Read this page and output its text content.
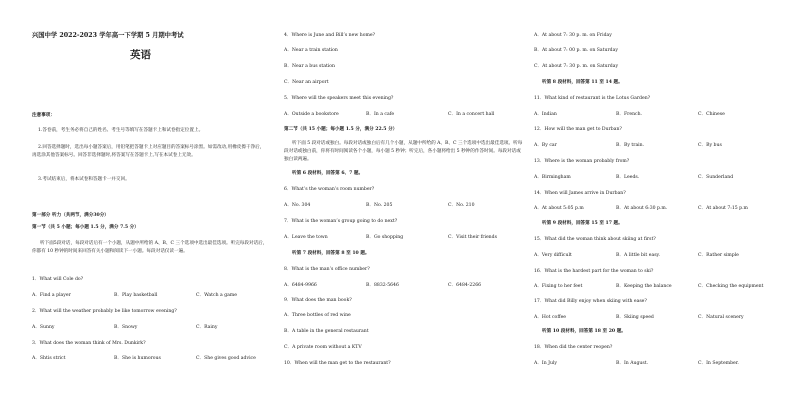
兴国中学 2022-2023 学年高一下学期 5 月期中考试
英语
注意事项：
1.答卷前，考生务必将自己的姓名、考生号等填写在答题卡上和试卷指定位置上。
2.回答选择题时，选出每小题答案后，用铅笔把答题卡上对应题目的答案标号涂黑。如需改动,用橡皮擦干净后，再选涂其他答案标号。回答非选择题时,将答案写在答题卡上,写在本试卷上无效。
3.考试结束后，将本试卷和答题卡一并交回。
第一部分 听力（共两节，满分30分）
第一节（共 5 小题；每小题 1.5 分，满分 7.5 分）
听下面5段对话，每段对话后有一个小题，从题中所给的 A、B、C 三个选项中选出最佳选项。听完每段对话后，你都有 10 秒钟的时间来回答有关小题和阅读下一小题。每段对话仅读一遍。
1．What will Cole do?
A．Find a player	B．Play basketball	C．Watch a game
2．What will the weather probably be like tomorrow evening?
A．Sunny	B．Snowy	C．Rainy
3．What does the woman think of Mrs. Dunkirk?
A．Shtis strict	B．She is humorous	C．She gives good advice
4．Where is June and Bill’s new home?
A．Near a train station
B．Near a bus station
C．Near an airport
5．Where will the speakers meet this evening?
A．Outside a bookstore	B．In a cafe	C．In a concert hall
第二节（共 15 小题；每小题 1.5 分，满分 22.5 分）
听下面 5 段对话或独白。每段对话或独白后有几个小题，从题中所给的 A、B、C 三个选项中选出最佳选项。听每段对话或独白前，你将有时间阅读各个小题，每小题 5 秒钟；听完后，各小题将给出 5 秒钟的作答时间。每段对话或独白读两遍。
听第 6 段材料，回答第 6、7 题。
6．What’s the woman’s room number?
A．No. 304	B．No. 205	C．No. 210
7．What is the woman’s group going to do next?
A．Leave the town	B．Go shopping	C．Visit their friends
听第 7 段材料，回答第 8 至 10 题。
8．What is the man’s office number?
A．6484-9966	B．8832-5646	C．6484-2266
9．What does the man book?
A．Three bottles of red wine
B．A table in the general restaurant
C．A private room without a KTV
10．When will the man get to the restaurant?
A．At about 7: 30 p. m. on Friday
B．At about 7: 00 p. m. on Saturday
C．At about 7: 30 p. m. on Saturday
听第 8 段材料，回答第 11 至 14 题。
11．What kind of restaurant is the Lotus Garden?
A．Indian	B．French.	C．Chinese
12．How will the man get to Durban?
A．By car	B．By train.	C．By bus
13．Where is the woman probably from?
A．Birmingham	B．Leeds.	C．Sunderland
14．When will James arrive in Durban?
A．At about 5:05 p.m	B．At about 6:30 p.m.	C．At about 7:15 p.m
听第 9 段材料，回答第 15 至 17 题。
15．What did the woman think about skiing at first?
A．Very difficult	B．A little bit easy.	C．Rather simple
16．What is the hardest part for the woman to ski?
A．Fixing to her feet	B．Keeping the balance	C．Checking the equipment
17．What did Billy enjoy when skiing with ease?
A．Hot coffee	B．Skiing speed	C．Natural scenery
听第 10 段材料，回答第 18 至 20 题。
18．When did the center reopen?
A．In July	B．In August.	C．In September.
